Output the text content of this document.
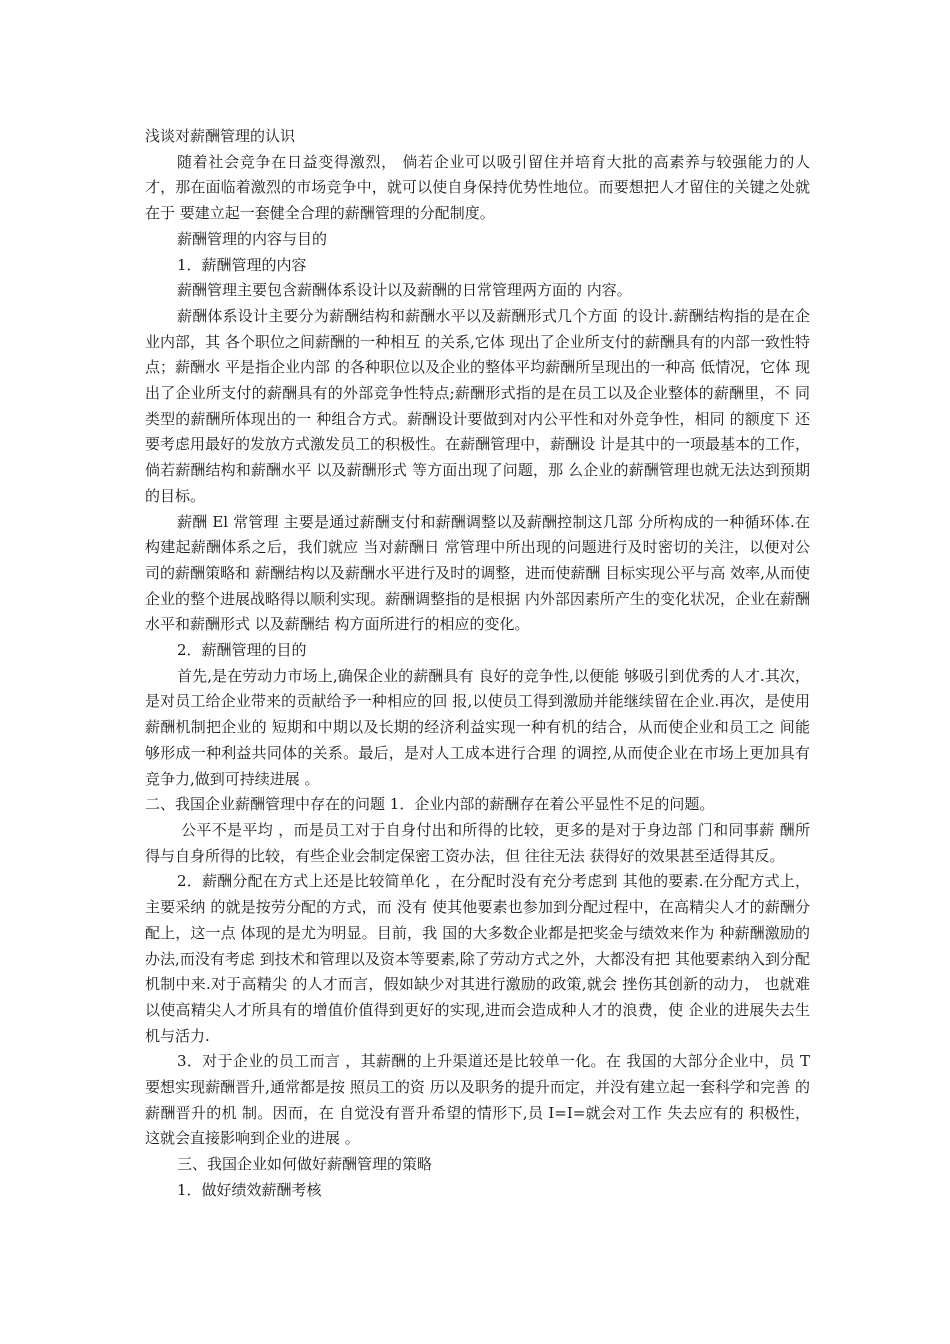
浅谈对薪酬管理的认识

随着社会竞争在日益变得激烈， 倘若企业可以吸引留住并培育大批的高素养与较强能力的人才，那在面临着激烈的市场竞争中，就可以使自身保持优势性地位。而要想把人才留住的关键之处就在于 要建立起一套健全合理的薪酬管理的分配制度。

薪酬管理的内容与目的

1．薪酬管理的内容

薪酬管理主要包含薪酬体系设计以及薪酬的日常管理两方面的 内容。

薪酬体系设计主要分为薪酬结构和薪酬水平以及薪酬形式几个方面 的设计.薪酬结构指的是在企业内部，其 各个职位之间薪酬的一种相互 的关系,它体 现出了企业所支付的薪酬具有的内部一致性特点；薪酬水 平是指企业内部 的各种职位以及企业的整体平均薪酬所呈现出的一种高 低情况，它体 现出了企业所支付的薪酬具有的外部竞争性特点;薪酬形式指的是在员工以及企业整体的薪酬里，不 同类型的薪酬所体现出的一 种组合方式。薪酬设计要做到对内公平性和对外竞争性，相同 的额度下 还要考虑用最好的发放方式激发员工的积极性。在薪酬管理中，薪酬设 计是其中的一项最基本的工作，倘若薪酬结构和薪酬水平 以及薪酬形式 等方面出现了问题，那 么企业的薪酬管理也就无法达到预期的目标。

薪酬 El 常管理 主要是通过薪酬支付和薪酬调整以及薪酬控制这几部 分所构成的一种循环体.在构建起薪酬体系之后，我们就应 当对薪酬日 常管理中所出现的问题进行及时密切的关注，以便对公 司的薪酬策略和 薪酬结构以及薪酬水平进行及时的调整，进而使薪酬 目标实现公平与高 效率,从而使 企业的整个进展战略得以顺利实现。薪酬调整指的是根据 内外部因素所产生的变化状况，企业在薪酬水平和薪酬形式 以及薪酬结 构方面所进行的相应的变化。

2．薪酬管理的目的

首先,是在劳动力市场上,确保企业的薪酬具有 良好的竞争性,以便能 够吸引到优秀的人才.其次，是对员工给企业带来的贡献给予一种相应的回 报,以使员工得到激励并能继续留在企业.再次，是使用薪酬机制把企业的 短期和中期以及长期的经济利益实现一种有机的结合，从而使企业和员工之 间能够形成一种利益共同体的关系。最后，是对人工成本进行合理 的调控,从而使企业在市场上更加具有竞争力,做到可持续进展 。

二、我国企业薪酬管理中存在的问题 1．企业内部的薪酬存在着公平显性不足的问题。

公平不是平均 ，而是员工对于自身付出和所得的比较，更多的是对于身边部 门和同事薪 酬所得与自身所得的比较，有些企业会制定保密工资办法，但 往往无法 获得好的效果甚至适得其反。

2．薪酬分配在方式上还是比较简单化 ，在分配时没有充分考虑到 其他的要素.在分配方式上，主要采纳 的就是按劳分配的方式，而 没有 使其他要素也参加到分配过程中，在高精尖人才的薪酬分配上，这一点 体现的是尤为明显。目前，我 国的大多数企业都是把奖金与绩效来作为 种薪酬激励的办法,而没有考虑 到技术和管理以及资本等要素,除了劳动方式之外，大都没有把 其他要素纳入到分配机制中来.对于高精尖 的人才而言，假如缺少对其进行激励的政策,就会 挫伤其创新的动力， 也就难以使高精尖人才所具有的增值价值得到更好的实现,进而会造成种人才的浪费，使 企业的进展失去生机与活力.

3．对于企业的员工而言 ，其薪酬的上升渠道还是比较单一化。在 我国的大部分企业中，员 T 要想实现薪酬晋升,通常都是按 照员工的资 历以及职务的提升而定，并没有建立起一套科学和完善 的薪酬晋升的机 制。因而，在 自觉没有晋升希望的情形下,员 I=I=就会对工作 失去应有的 积极性，这就会直接影响到企业的进展 。

三、我国企业如何做好薪酬管理的策略

1．做好绩效薪酬考核
